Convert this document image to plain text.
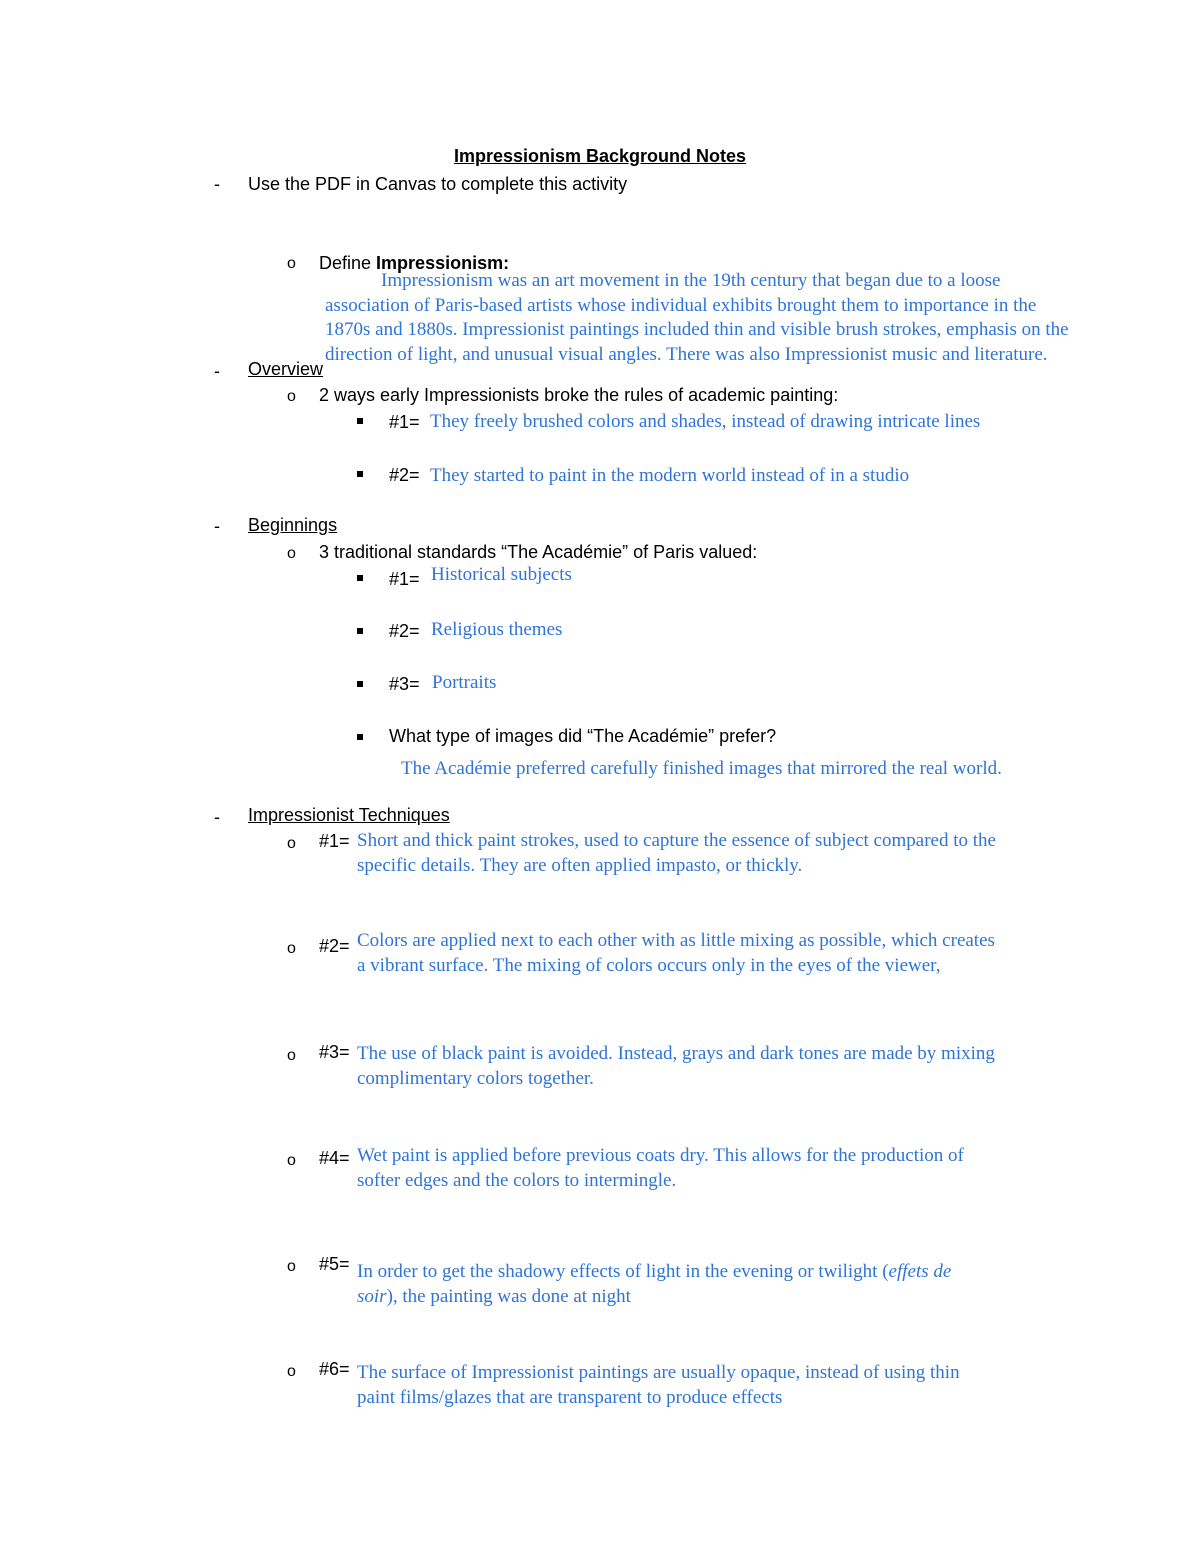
Impressionism Background Notes
- Use the PDF in Canvas to complete this activity
o Define Impressionism:
Impressionism was an art movement in the 19th century that began due to a loose
association of Paris-based artists whose individual exhibits brought them to importance in the
1870s and 1880s. Impressionist paintings included thin and visible brush strokes, emphasis on the
direction of light, and unusual visual angles. There was also Impressionist music and literature.
- Overview
o 2 ways early Impressionists broke the rules of academic painting:
#1= They freely brushed colors and shades, instead of drawing intricate lines
#2= They started to paint in the modern world instead of in a studio
- Beginnings
o 3 traditional standards “The Académie” of Paris valued:
#1= Historical subjects
#2= Religious themes
#3= Portraits
What type of images did “The Académie” prefer?
The Académie preferred carefully finished images that mirrored the real world.
- Impressionist Techniques
o #1= Short and thick paint strokes, used to capture the essence of subject compared to the
specific details. They are often applied impasto, or thickly.
o #2= Colors are applied next to each other with as little mixing as possible, which creates
a vibrant surface. The mixing of colors occurs only in the eyes of the viewer,
o #3= The use of black paint is avoided. Instead, grays and dark tones are made by mixing
complimentary colors together.
o #4= Wet paint is applied before previous coats dry. This allows for the production of
softer edges and the colors to intermingle.
o #5= In order to get the shadowy effects of light in the evening or twilight (effets de
soir), the painting was done at night
o #6= The surface of Impressionist paintings are usually opaque, instead of using thin
paint films/glazes that are transparent to produce effects
